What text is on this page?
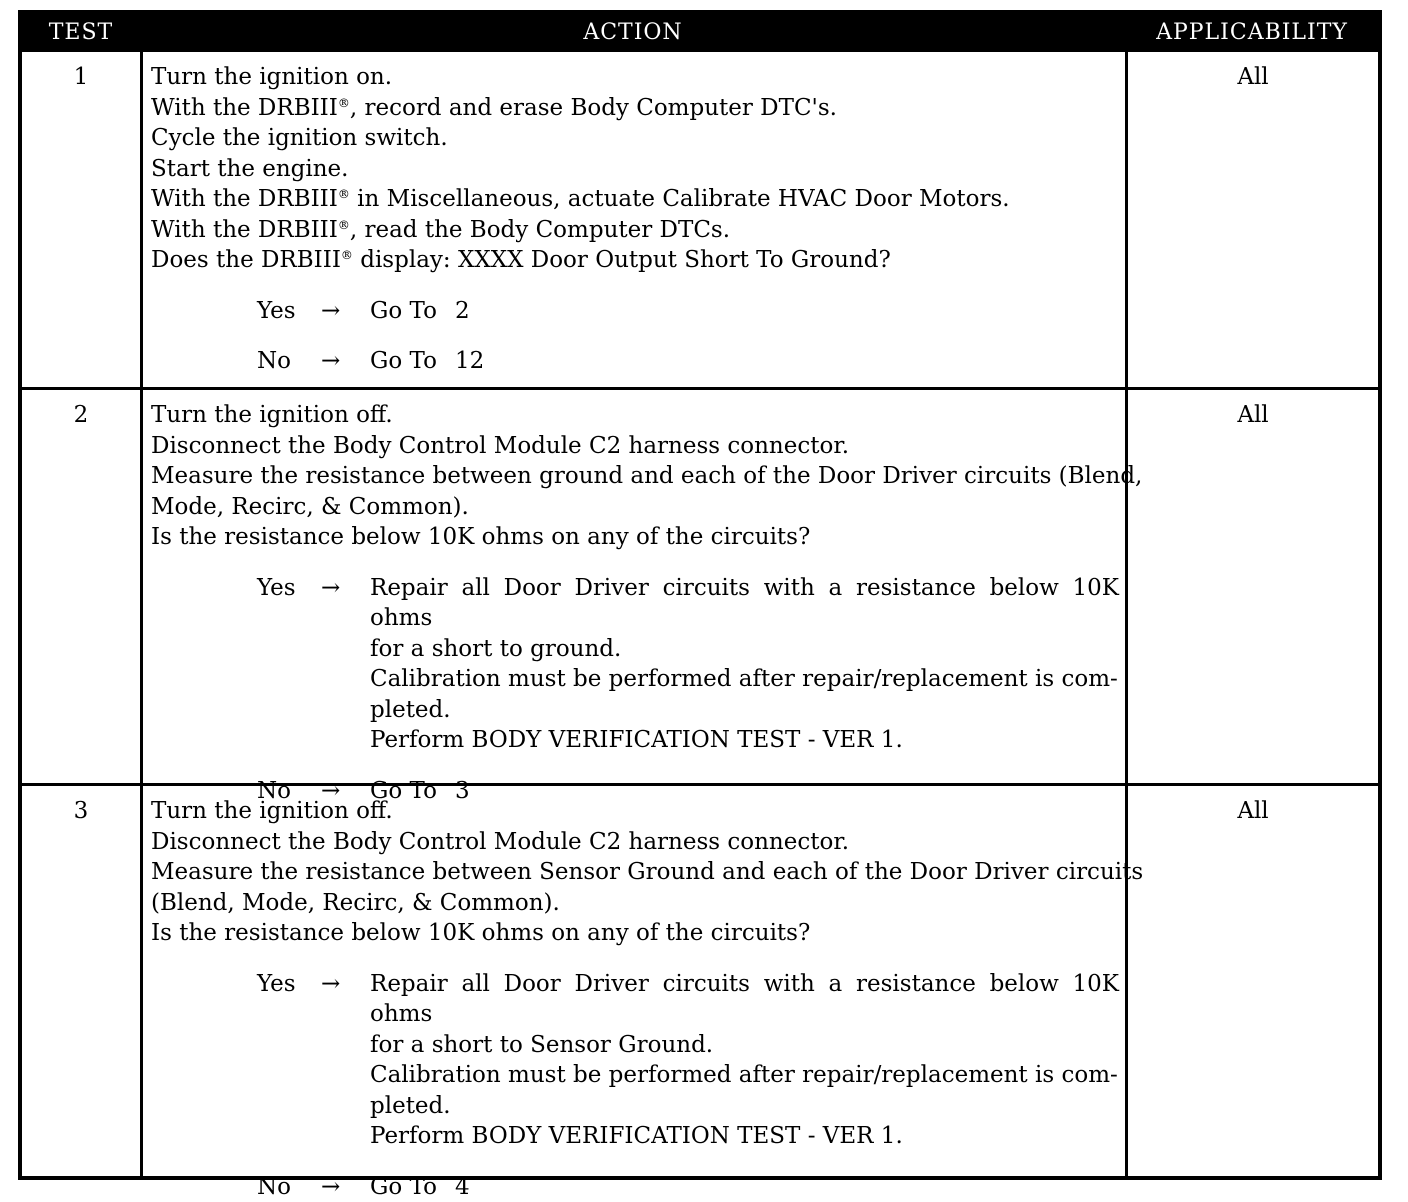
TEST	ACTION	APPLICABILITY
1	Turn the ignition on.
With the DRBIII®, record and erase Body Computer DTC's.
Cycle the ignition switch.
Start the engine.
With the DRBIII® in Miscellaneous, actuate Calibrate HVAC Door Motors.
With the DRBIII®, read the Body Computer DTCs.
Does the DRBIII® display: XXXX Door Output Short To Ground?
Yes → Go To 2
No → Go To 12
All
2	Turn the ignition off.
Disconnect the Body Control Module C2 harness connector.
Measure the resistance between ground and each of the Door Driver circuits (Blend,
Mode, Recirc, & Common).
Is the resistance below 10K ohms on any of the circuits?
Yes → Repair all Door Driver circuits with a resistance below 10K ohms
for a short to ground.
Calibration must be performed after repair/replacement is com-
pleted.
Perform BODY VERIFICATION TEST - VER 1.
No → Go To 3
All
3	Turn the ignition off.
Disconnect the Body Control Module C2 harness connector.
Measure the resistance between Sensor Ground and each of the Door Driver circuits
(Blend, Mode, Recirc, & Common).
Is the resistance below 10K ohms on any of the circuits?
Yes → Repair all Door Driver circuits with a resistance below 10K ohms
for a short to Sensor Ground.
Calibration must be performed after repair/replacement is com-
pleted.
Perform BODY VERIFICATION TEST - VER 1.
No → Go To 4
All
